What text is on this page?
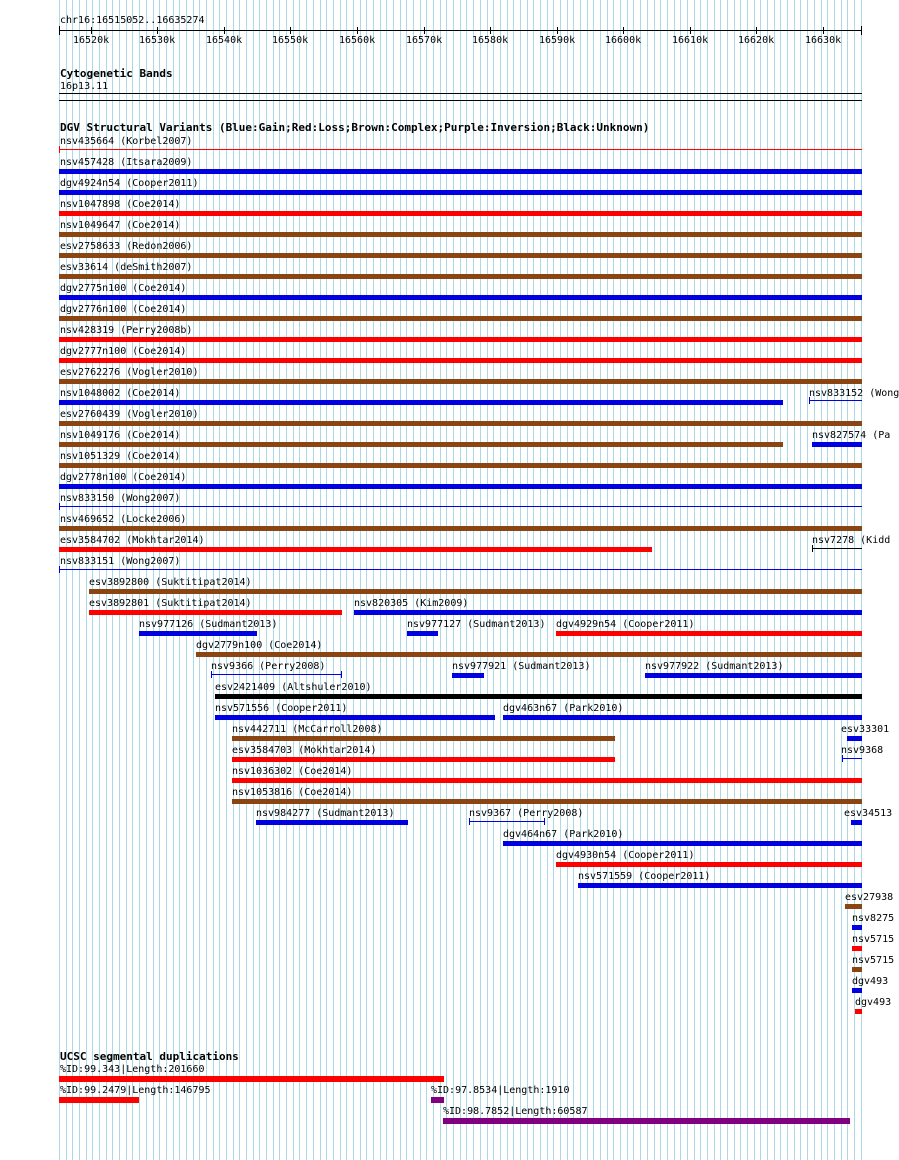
chr16:16515052..16635274
16520k	16530k	16540k	16550k	16560k	16570k	16580k	16590k	16600k	16610k	16620k	16630k
Cytogenetic Bands
16p13.11
DGV Structural Variants (Blue:Gain;Red:Loss;Brown:Complex;Purple:Inversion;Black:Unknown)
nsv435664 (Korbel2007)
nsv457428 (Itsara2009)
dgv4924n54 (Cooper2011)
nsv1047898 (Coe2014)
nsv1049647 (Coe2014)
esv2758633 (Redon2006)
esv33614 (deSmith2007)
dgv2775n100 (Coe2014)
dgv2776n100 (Coe2014)
nsv428319 (Perry2008b)
dgv2777n100 (Coe2014)
esv2762276 (Vogler2010)
nsv1048002 (Coe2014)	nsv833152 (Wong
esv2760439 (Vogler2010)
nsv1049176 (Coe2014)	nsv827574 (Pa
nsv1051329 (Coe2014)
dgv2778n100 (Coe2014)
nsv833150 (Wong2007)
nsv469652 (Locke2006)
esv3584702 (Mokhtar2014)	nsv7278 (Kidd
nsv833151 (Wong2007)
esv3892800 (Suktitipat2014)
esv3892801 (Suktitipat2014)	nsv820305 (Kim2009)
nsv977126 (Sudmant2013)	nsv977127 (Sudmant2013) dgv4929n54 (Cooper2011)
dgv2779n100 (Coe2014)
nsv9366 (Perry2008)	nsv977921 (Sudmant2013)	nsv977922 (Sudmant2013)
esv2421409 (Altshuler2010)
nsv571556 (Cooper2011)	dgv463n67 (Park2010)
nsv442711 (McCarroll2008)	esv33301
esv3584703 (Mokhtar2014)	nsv9368
nsv1036302 (Coe2014)
nsv1053816 (Coe2014)
nsv984277 (Sudmant2013)	nsv9367 (Perry2008)	esv34513
dgv464n67 (Park2010)
dgv4930n54 (Cooper2011)
nsv571559 (Cooper2011)
esv27938
nsv8275
nsv5715
nsv5715
dgv493
dgv493
UCSC segmental duplications
%ID:99.343|Length:201660
%ID:99.2479|Length:146795	%ID:97.8534|Length:1910
%ID:98.7852|Length:60587
